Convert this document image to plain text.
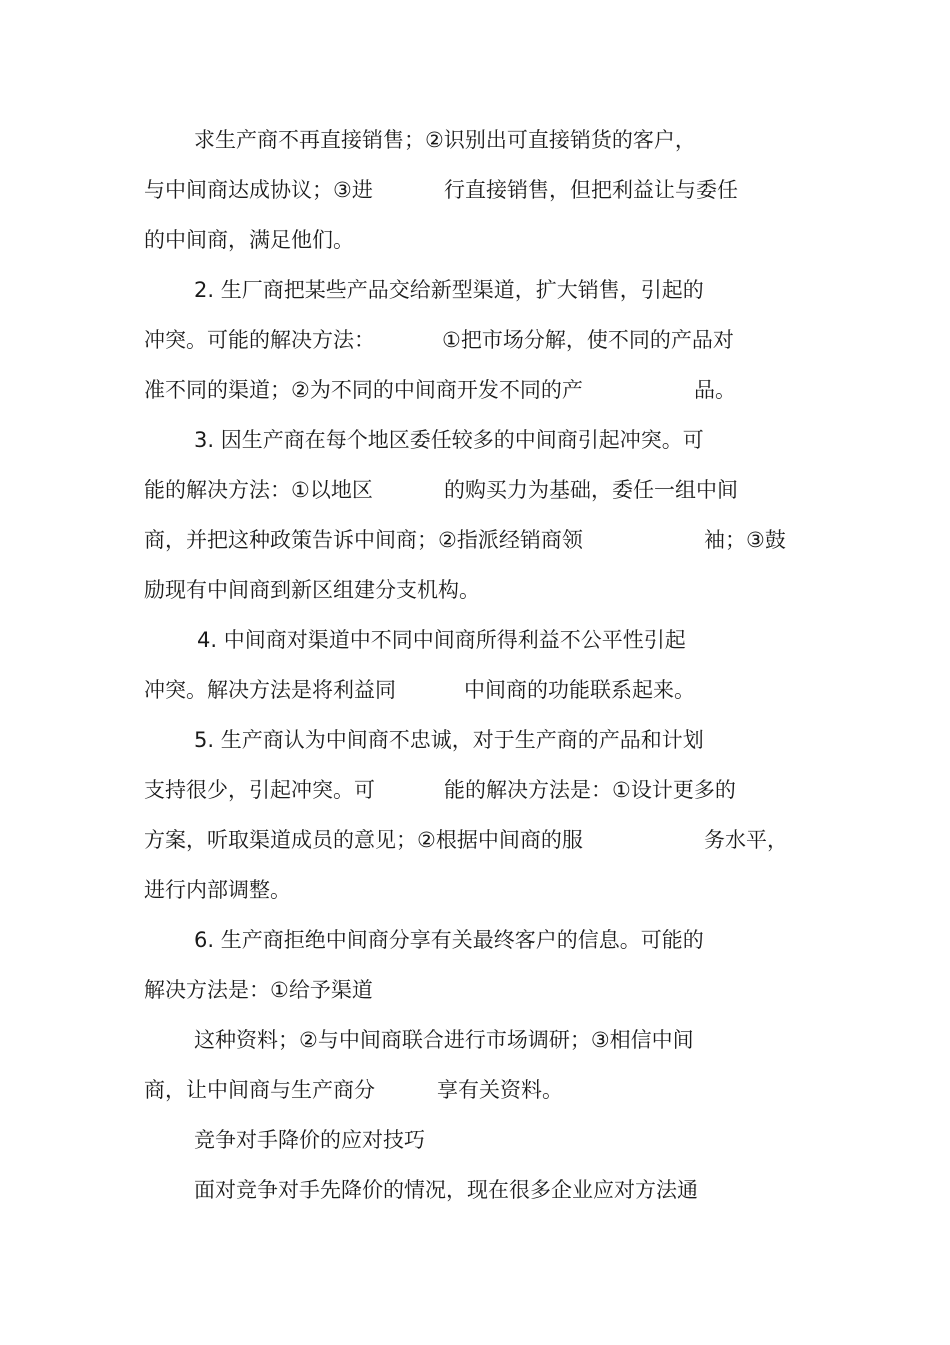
求生产商不再直接销售；②识别出可直接销货的客户，
与中间商达成协议；③进	行直接销售，但把利益让与委任
的中间商，满足他们。
2. 生厂商把某些产品交给新型渠道，扩大销售，引起的
冲突。可能的解决方法：	①把市场分解，使不同的产品对
准不同的渠道；②为不同的中间商开发不同的产	品。
3. 因生产商在每个地区委任较多的中间商引起冲突。可
能的解决方法：①以地区	的购买力为基础，委任一组中间
商，并把这种政策告诉中间商；②指派经销商领	袖；③鼓
励现有中间商到新区组建分支机构。
4. 中间商对渠道中不同中间商所得利益不公平性引起
冲突。解决方法是将利益同	中间商的功能联系起来。
5. 生产商认为中间商不忠诚，对于生产商的产品和计划
支持很少，引起冲突。可	能的解决方法是：①设计更多的
方案，听取渠道成员的意见；②根据中间商的服	务水平，
进行内部调整。
6. 生产商拒绝中间商分享有关最终客户的信息。可能的
解决方法是：①给予渠道
这种资料；②与中间商联合进行市场调研；③相信中间
商，让中间商与生产商分	享有关资料。
竞争对手降价的应对技巧
面对竞争对手先降价的情况，现在很多企业应对方法通
